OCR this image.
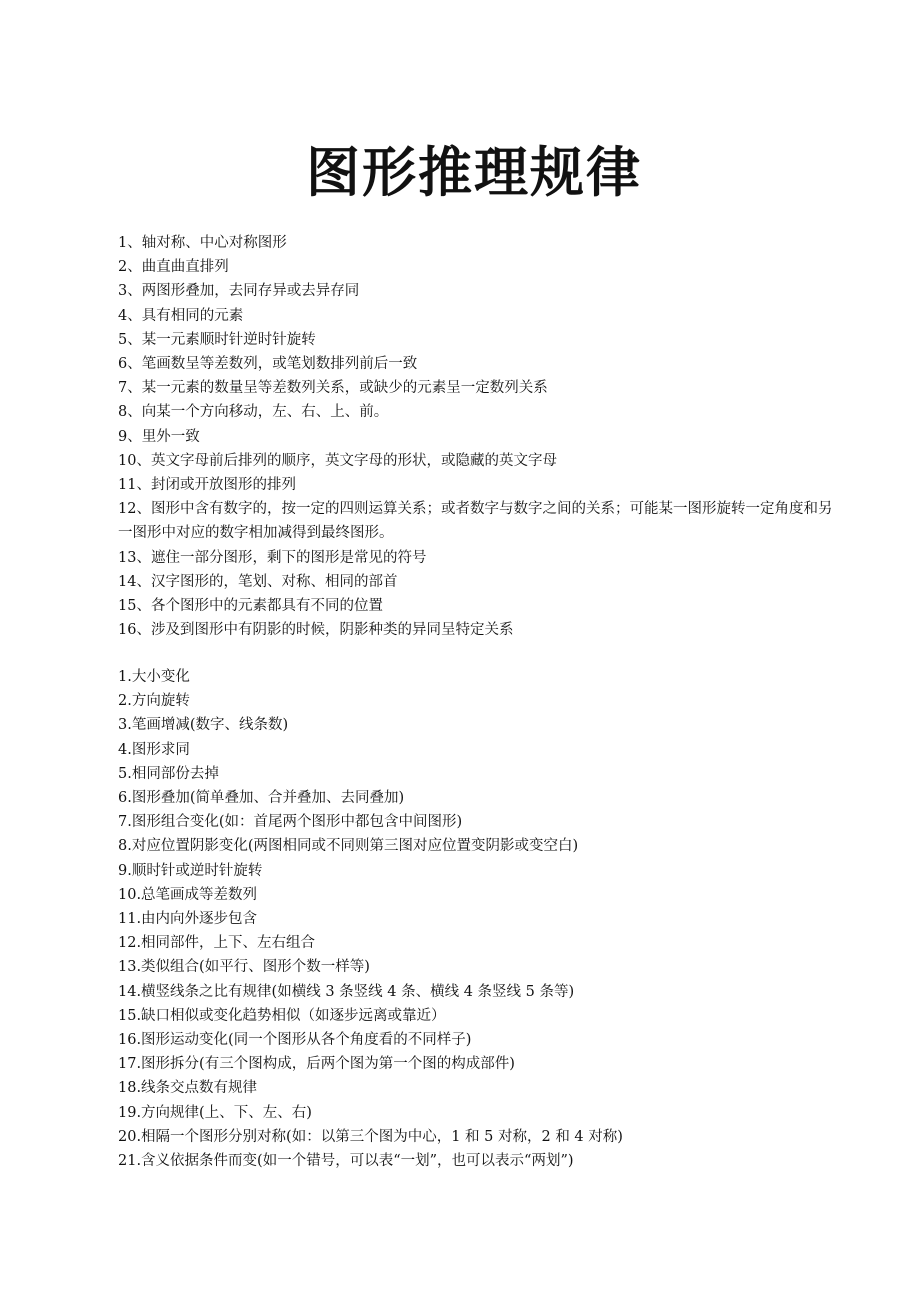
图形推理规律
1、轴对称、中心对称图形
2、曲直曲直排列
3、两图形叠加，去同存异或去异存同
4、具有相同的元素
5、某一元素顺时针逆时针旋转
6、笔画数呈等差数列，或笔划数排列前后一致
7、某一元素的数量呈等差数列关系，或缺少的元素呈一定数列关系
8、向某一个方向移动，左、右、上、前。
9、里外一致
10、英文字母前后排列的顺序，英文字母的形状，或隐藏的英文字母
11、封闭或开放图形的排列
12、图形中含有数字的，按一定的四则运算关系；或者数字与数字之间的关系；可能某一图形旋转一定角度和另一图形中对应的数字相加减得到最终图形。
13、遮住一部分图形，剩下的图形是常见的符号
14、汉字图形的，笔划、对称、相同的部首
15、各个图形中的元素都具有不同的位置
16、涉及到图形中有阴影的时候，阴影种类的异同呈特定关系
1.大小变化
2.方向旋转
3.笔画增减(数字、线条数)
4.图形求同
5.相同部份去掉
6.图形叠加(简单叠加、合并叠加、去同叠加)
7.图形组合变化(如：首尾两个图形中都包含中间图形)
8.对应位置阴影变化(两图相同或不同则第三图对应位置变阴影或变空白)
9.顺时针或逆时针旋转
10.总笔画成等差数列
11.由内向外逐步包含
12.相同部件，上下、左右组合
13.类似组合(如平行、图形个数一样等)
14.横竖线条之比有规律(如横线 3 条竖线 4 条、横线 4 条竖线 5 条等)
15.缺口相似或变化趋势相似（如逐步远离或靠近）
16.图形运动变化(同一个图形从各个角度看的不同样子)
17.图形拆分(有三个图构成，后两个图为第一个图的构成部件)
18.线条交点数有规律
19.方向规律(上、下、左、右)
20.相隔一个图形分别对称(如：以第三个图为中心，1 和 5 对称，2 和 4 对称)
21.含义依据条件而变(如一个错号，可以表“一划”，也可以表示“两划”)
